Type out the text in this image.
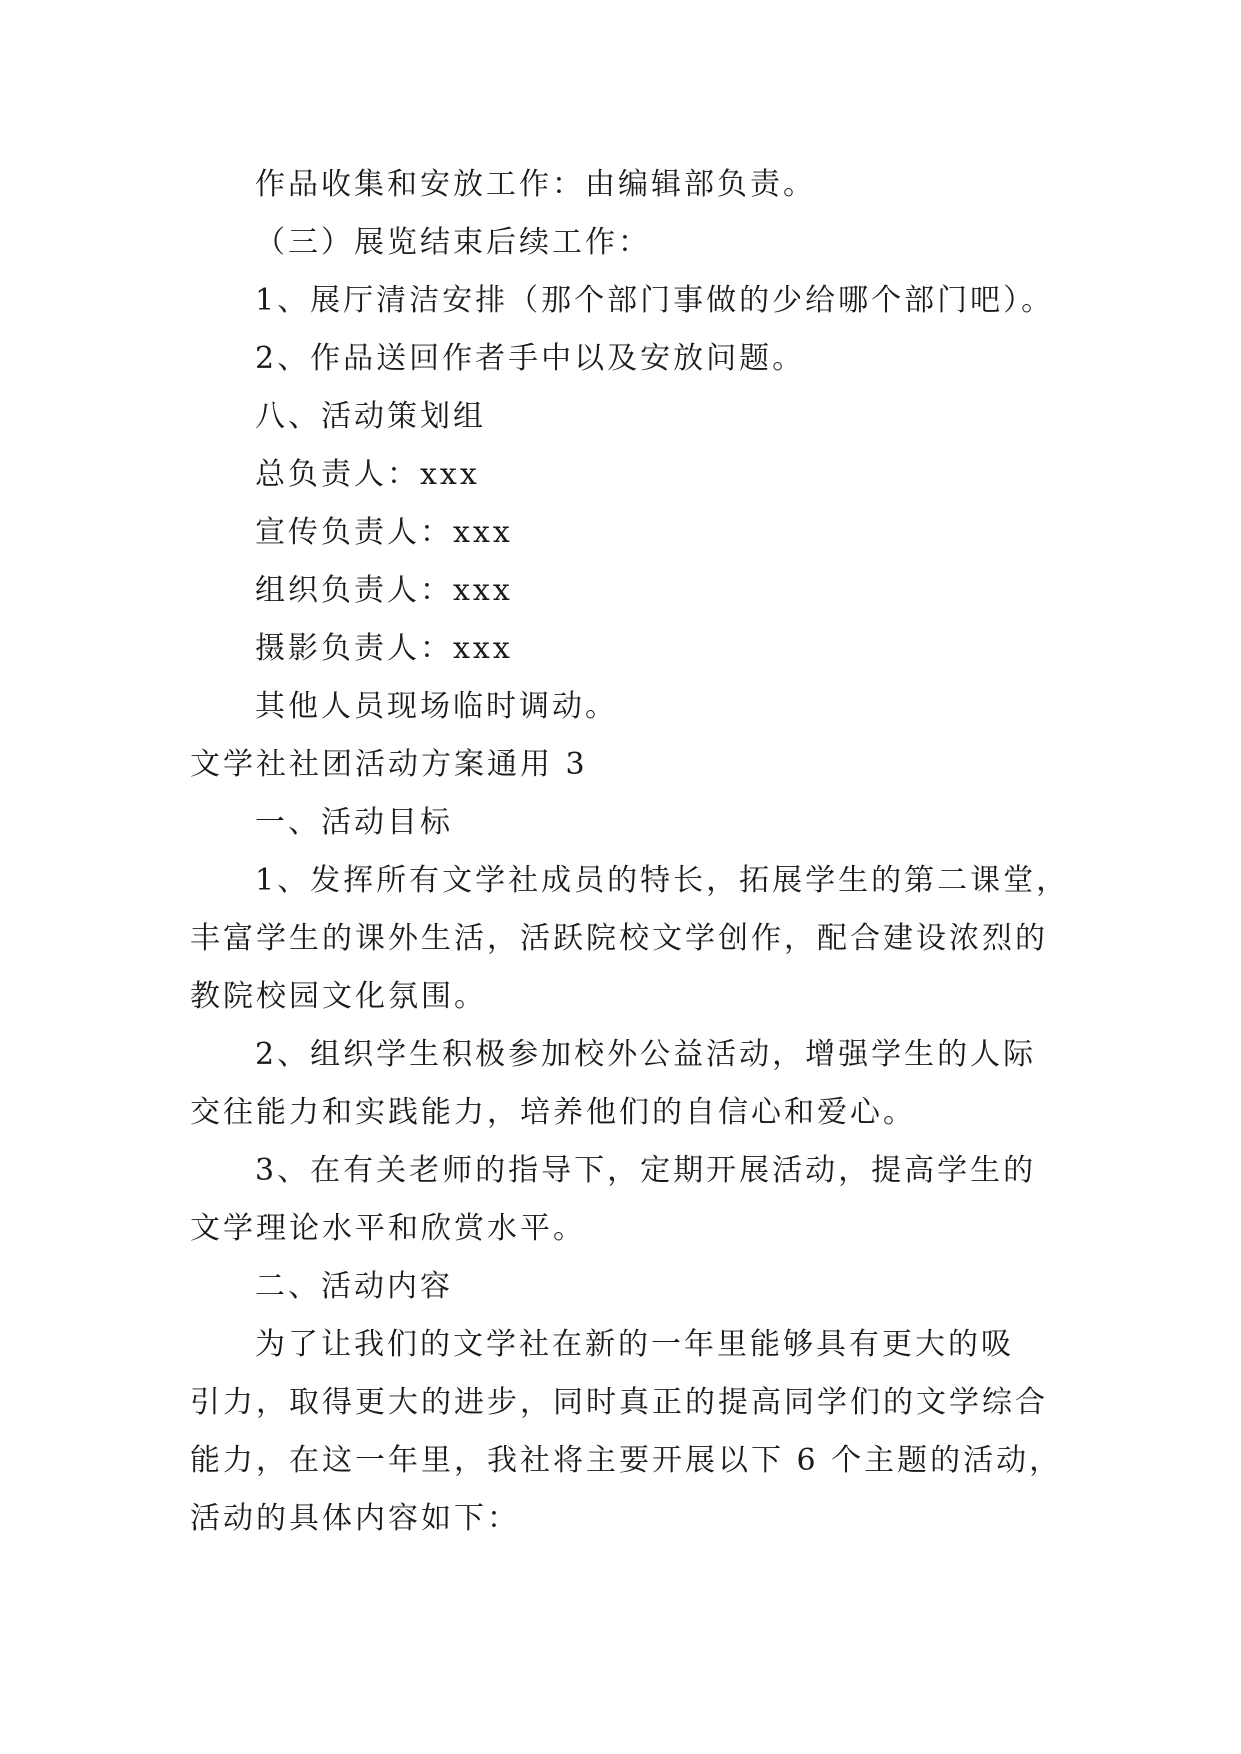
作品收集和安放工作：由编辑部负责。
（三）展览结束后续工作：
1、展厅清洁安排（那个部门事做的少给哪个部门吧）。
2、作品送回作者手中以及安放问题。
八、活动策划组
总负责人：xxx
宣传负责人：xxx
组织负责人：xxx
摄影负责人：xxx
其他人员现场临时调动。
文学社社团活动方案通用 3
一、活动目标
1、发挥所有文学社成员的特长，拓展学生的第二课堂，
丰富学生的课外生活，活跃院校文学创作，配合建设浓烈的
教院校园文化氛围。
2、组织学生积极参加校外公益活动，增强学生的人际
交往能力和实践能力，培养他们的自信心和爱心。
3、在有关老师的指导下，定期开展活动，提高学生的
文学理论水平和欣赏水平。
二、活动内容
为了让我们的文学社在新的一年里能够具有更大的吸
引力，取得更大的进步，同时真正的提高同学们的文学综合
能力，在这一年里，我社将主要开展以下 6 个主题的活动，
活动的具体内容如下：
